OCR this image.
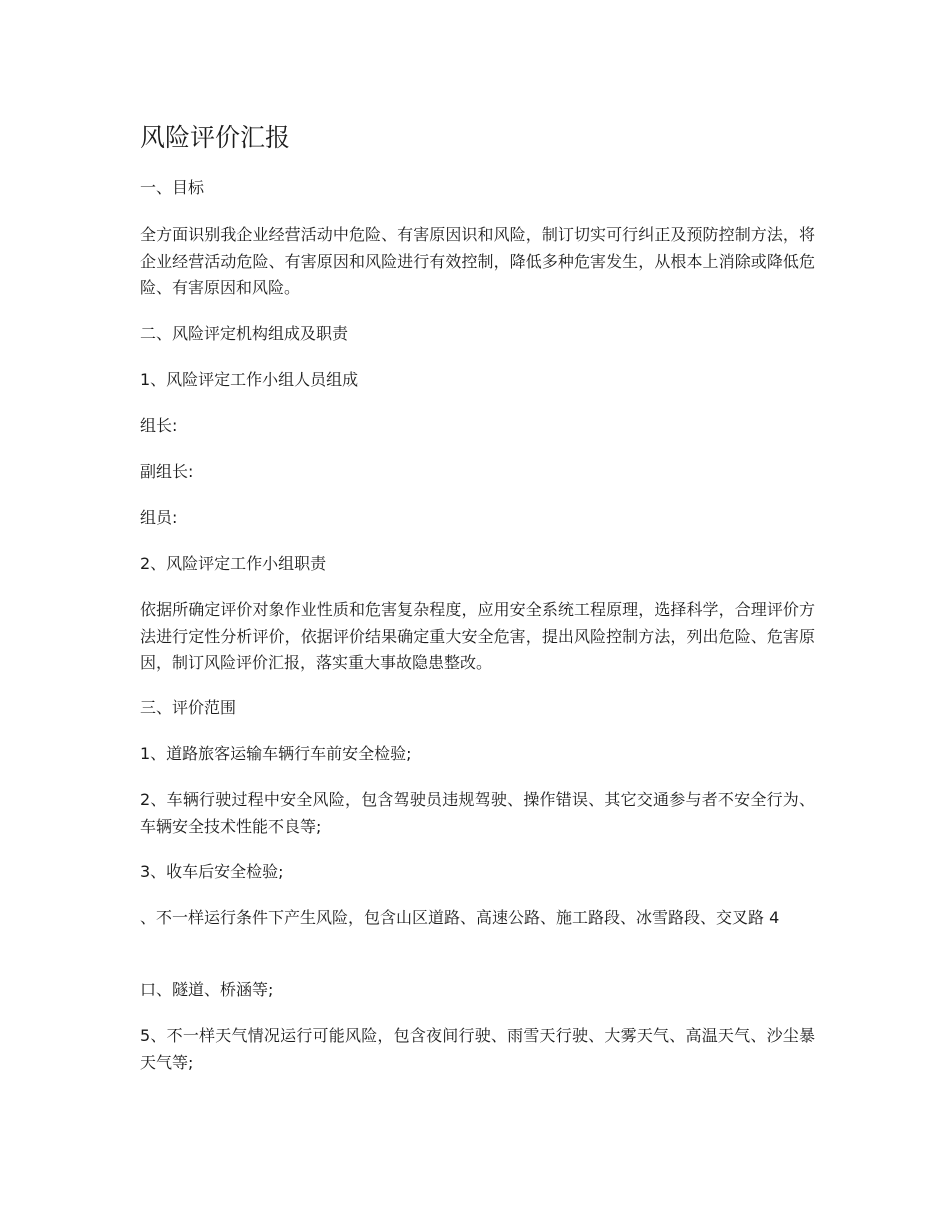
风险评价汇报

一、目标

全方面识别我企业经营活动中危险、有害原因识和风险，制订切实可行纠正及预防控制方法，将企业经营活动危险、有害原因和风险进行有效控制，降低多种危害发生，从根本上消除或降低危险、有害原因和风险。

二、风险评定机构组成及职责

1、风险评定工作小组人员组成

组长:

副组长:

组员:

2、风险评定工作小组职责

依据所确定评价对象作业性质和危害复杂程度，应用安全系统工程原理，选择科学，合理评价方法进行定性分析评价，依据评价结果确定重大安全危害，提出风险控制方法，列出危险、危害原因，制订风险评价汇报，落实重大事故隐患整改。

三、评价范围

1、道路旅客运输车辆行车前安全检验;

2、车辆行驶过程中安全风险，包含驾驶员违规驾驶、操作错误、其它交通参与者不安全行为、车辆安全技术性能不良等;

3、收车后安全检验;

、不一样运行条件下产生风险，包含山区道路、高速公路、施工路段、冰雪路段、交叉路 4

口、隧道、桥涵等;

5、不一样天气情况运行可能风险，包含夜间行驶、雨雪天行驶、大雾天气、高温天气、沙尘暴天气等;
